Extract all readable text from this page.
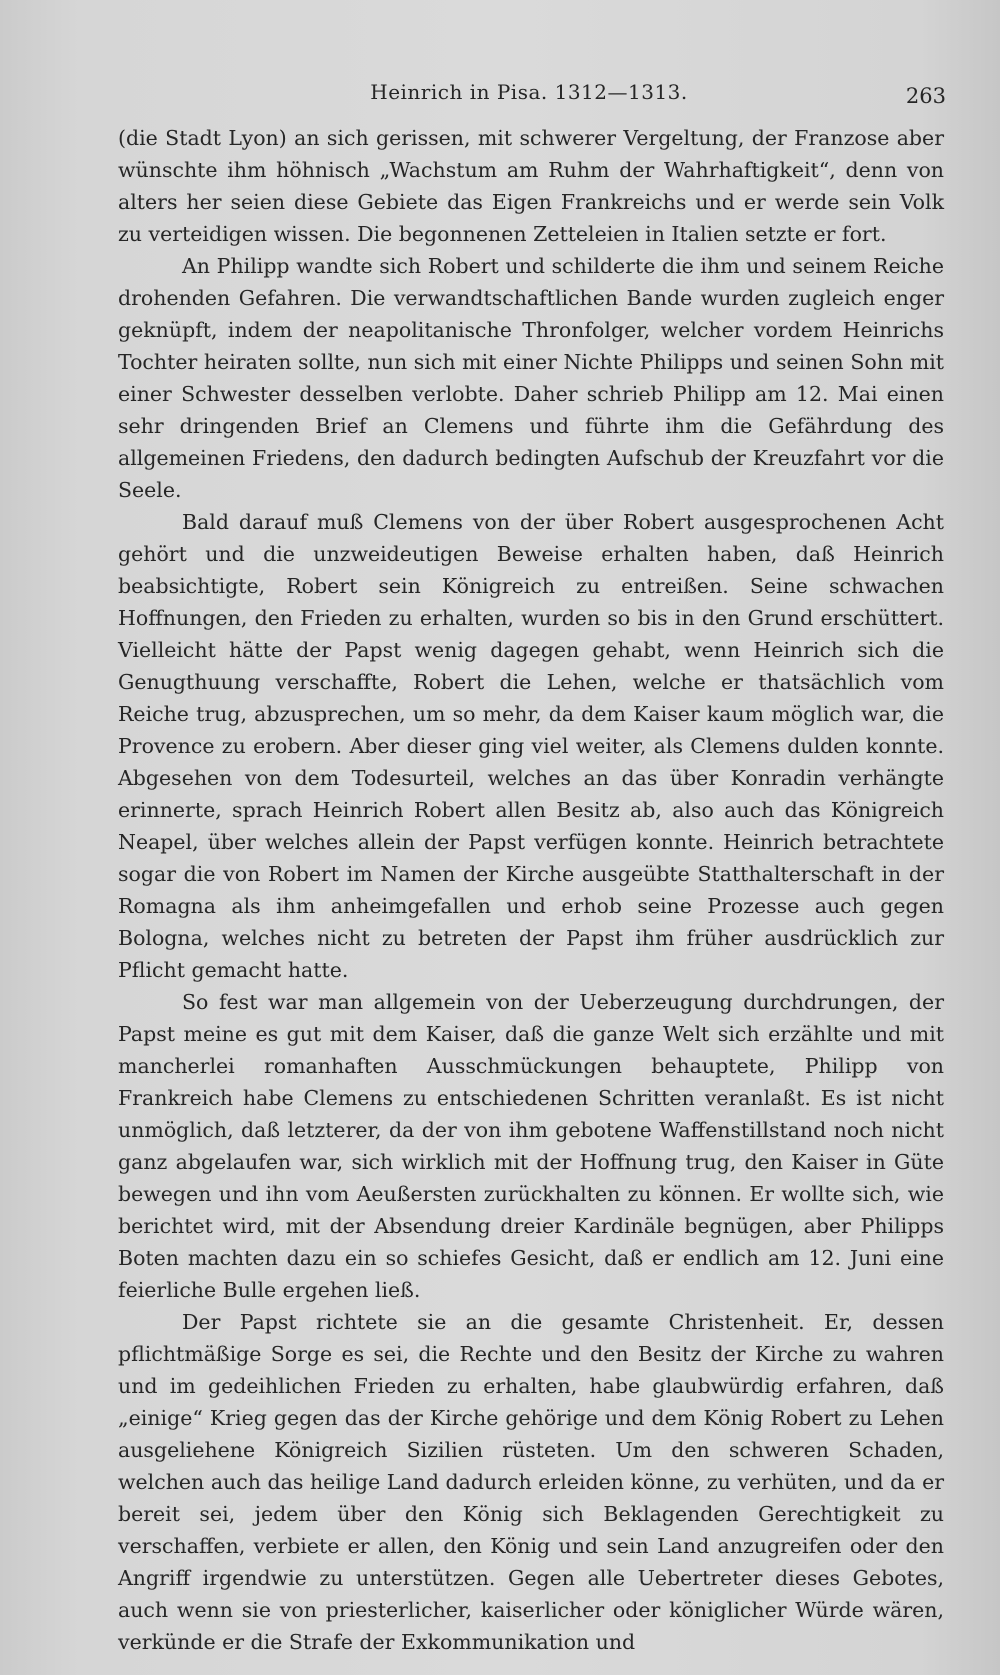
Heinrich in Pisa. 1312—1313.	263

(die Stadt Lyon) an sich gerissen, mit schwerer Vergeltung, der Franzose aber wünschte ihm höhnisch „Wachstum am Ruhm der Wahrhaftigkeit“, denn von alters her seien diese Gebiete das Eigen Frankreichs und er werde sein Volk zu verteidigen wissen. Die begonnenen Zetteleien in Italien setzte er fort.

An Philipp wandte sich Robert und schilderte die ihm und seinem Reiche drohenden Gefahren. Die verwandtschaftlichen Bande wurden zugleich enger geknüpft, indem der neapolitanische Thronfolger, welcher vordem Heinrichs Tochter heiraten sollte, nun sich mit einer Nichte Philipps und seinen Sohn mit einer Schwester desselben verlobte. Daher schrieb Philipp am 12. Mai einen sehr dringenden Brief an Clemens und führte ihm die Gefährdung des allgemeinen Friedens, den dadurch bedingten Aufschub der Kreuzfahrt vor die Seele.

Bald darauf muß Clemens von der über Robert ausgesprochenen Acht gehört und die unzweideutigen Beweise erhalten haben, daß Heinrich beabsichtigte, Robert sein Königreich zu entreißen. Seine schwachen Hoffnungen, den Frieden zu erhalten, wurden so bis in den Grund erschüttert. Vielleicht hätte der Papst wenig dagegen gehabt, wenn Heinrich sich die Genugthuung verschaffte, Robert die Lehen, welche er thatsächlich vom Reiche trug, abzusprechen, um so mehr, da dem Kaiser kaum möglich war, die Provence zu erobern. Aber dieser ging viel weiter, als Clemens dulden konnte. Abgesehen von dem Todesurteil, welches an das über Konradin verhängte erinnerte, sprach Heinrich Robert allen Besitz ab, also auch das Königreich Neapel, über welches allein der Papst verfügen konnte. Heinrich betrachtete sogar die von Robert im Namen der Kirche ausgeübte Statthalterschaft in der Romagna als ihm anheimgefallen und erhob seine Prozesse auch gegen Bologna, welches nicht zu betreten der Papst ihm früher ausdrücklich zur Pflicht gemacht hatte.

So fest war man allgemein von der Ueberzeugung durchdrungen, der Papst meine es gut mit dem Kaiser, daß die ganze Welt sich erzählte und mit mancherlei romanhaften Ausschmückungen behauptete, Philipp von Frankreich habe Clemens zu entschiedenen Schritten veranlaßt. Es ist nicht unmöglich, daß letzterer, da der von ihm gebotene Waffenstillstand noch nicht ganz abgelaufen war, sich wirklich mit der Hoffnung trug, den Kaiser in Güte bewegen und ihn vom Aeußersten zurückhalten zu können. Er wollte sich, wie berichtet wird, mit der Absendung dreier Kardinäle begnügen, aber Philipps Boten machten dazu ein so schiefes Gesicht, daß er endlich am 12. Juni eine feierliche Bulle ergehen ließ.

Der Papst richtete sie an die gesamte Christenheit. Er, dessen pflichtmäßige Sorge es sei, die Rechte und den Besitz der Kirche zu wahren und im gedeihlichen Frieden zu erhalten, habe glaubwürdig erfahren, daß „einige“ Krieg gegen das der Kirche gehörige und dem König Robert zu Lehen ausgeliehene Königreich Sizilien rüsteten. Um den schweren Schaden, welchen auch das heilige Land dadurch erleiden könne, zu verhüten, und da er bereit sei, jedem über den König sich Beklagenden Gerechtigkeit zu verschaffen, verbiete er allen, den König und sein Land anzugreifen oder den Angriff irgendwie zu unterstützen. Gegen alle Uebertreter dieses Gebotes, auch wenn sie von priesterlicher, kaiserlicher oder königlicher Würde wären, verkünde er die Strafe der Exkommunikation und
